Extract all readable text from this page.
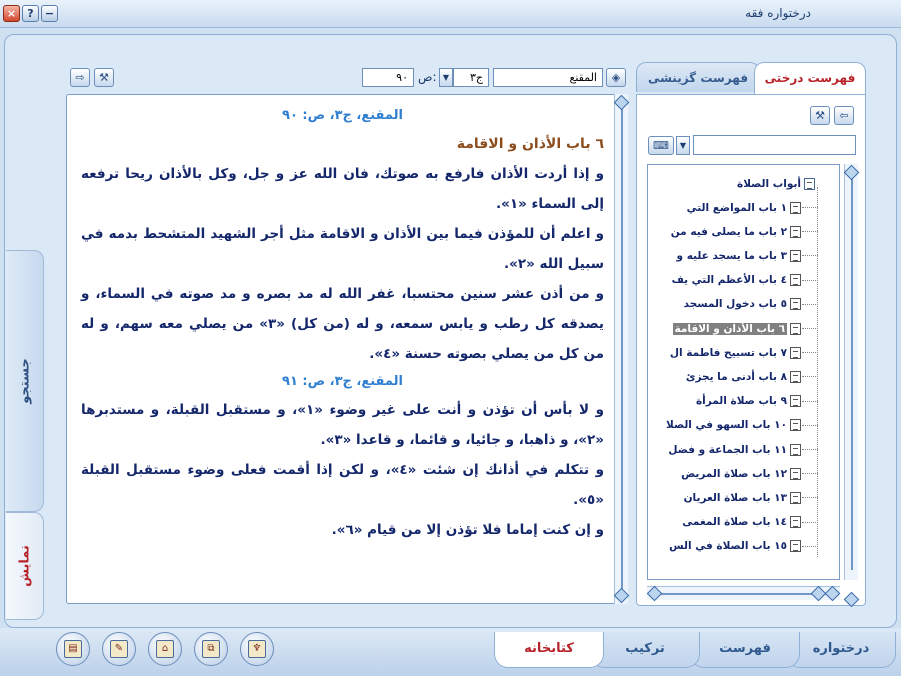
×	?	−	درختواره فقه
جستجو
نمایش
⇨	⚒	۹۰ ص: ▼	ج۳	المقنع	◈

المقنع، ج۳، ص: ۹۰

٦ باب الأذان و الاقامة

و إذا أردت الأذان فارفع به صوتك، فان الله عز و جل، وكل بالأذان ريحا ترفعه إلى السماء «۱».

و اعلم أن للمؤذن فيما بين الأذان و الاقامة مثل أجر الشهيد المتشحط بدمه في سبيل الله «۲».

و من أذن عشر سنين محتسبا، غفر الله له مد بصره و مد صوته في السماء، و يصدقه كل رطب و يابس سمعه، و له (من كل) «۳» من يصلي معه سهم، و له من كل من يصلي بصوته حسنة «٤».

المقنع، ج۳، ص: ۹۱

و لا بأس أن تؤذن و أنت على غير وضوء «۱»، و مستقبل القبلة، و مستدبرها «۲»، و ذاهبا، و جائيا، و قائما، و قاعدا «۳».

و تتكلم في أذانك إن شئت «٤»، و لكن إذا أقمت فعلى وضوء مستقبل القبلة «٥».

و إن كنت إماما فلا تؤذن إلا من قيام «٦».

فهرست گزینشی	فهرست درختی
⇦
⚒
⌨	▼
أبواب الصلاة
۱ باب المواضع التي
۲ باب ما يصلى فيه من
۳ باب ما يسجد عليه و
٤ باب الأعظم التي يف
٥ باب دخول المسجد
٦ باب الأذان و الاقامة
۷ باب تسبيح فاطمة ال
۸ باب أدنى ما يجزئ
۹ باب صلاة المرأة
۱۰ باب السهو في الصلا
۱۱ باب الجماعة و فضل
۱۲ باب صلاة المريض
۱۳ باب صلاة العريان
۱٤ باب صلاة المغمى
۱٥ باب الصلاة في الس
▤	✎	⌂	⧉	♆	درختواره
فهرست
ترکیب
کتابخانه
